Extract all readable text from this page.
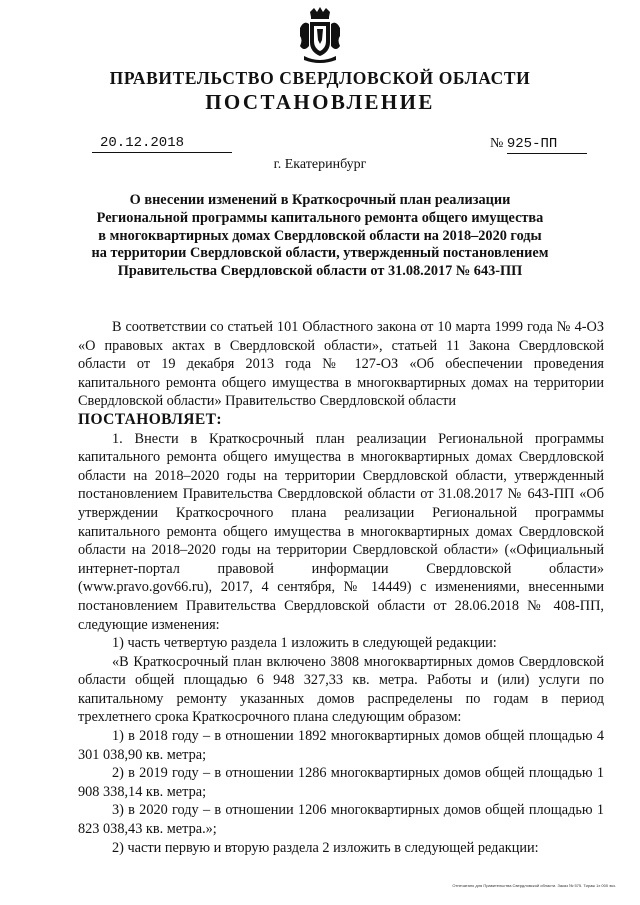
ПРАВИТЕЛЬСТВО СВЕРДЛОВСКОЙ ОБЛАСТИ
ПОСТАНОВЛЕНИЕ
20.12.2018	№ 925-ПП
г. Екатеринбург
О внесении изменений в Краткосрочный план реализации
Региональной программы капитального ремонта общего имущества
в многоквартирных домах Свердловской области на 2018–2020 годы
на территории Свердловской области, утвержденный постановлением
Правительства Свердловской области от 31.08.2017 № 643-ПП

В соответствии со статьей 101 Областного закона от 10 марта 1999 года № 4-ОЗ «О правовых актах в Свердловской области», статьей 11 Закона Свердловской области от 19 декабря 2013 года № 127-ОЗ «Об обеспечении проведения капитального ремонта общего имущества в многоквартирных домах на территории Свердловской области» Правительство Свердловской области

ПОСТАНОВЛЯЕТ:

1. Внести в Краткосрочный план реализации Региональной программы капитального ремонта общего имущества в многоквартирных домах Свердловской области на 2018–2020 годы на территории Свердловской области, утвержденный постановлением Правительства Свердловской области от 31.08.2017 № 643-ПП «Об утверждении Краткосрочного плана реализации Региональной программы капитального ремонта общего имущества в многоквартирных домах Свердловской области на 2018–2020 годы на территории Свердловской области» («Официальный интернет-портал правовой информации Свердловской области» (www.pravo.gov66.ru), 2017, 4 сентября, № 14449) с изменениями, внесенными постановлением Правительства Свердловской области от 28.06.2018 № 408-ПП, следующие изменения:

1) часть четвертую раздела 1 изложить в следующей редакции:

«В Краткосрочный план включено 3808 многоквартирных домов Свердловской области общей площадью 6 948 327,33 кв. метра. Работы и (или) услуги по капитальному ремонту указанных домов распределены по годам в период трехлетнего срока Краткосрочного плана следующим образом:

1) в 2018 году – в отношении 1892 многоквартирных домов общей площадью 4 301 038,90 кв. метра;

2) в 2019 году – в отношении 1286 многоквартирных домов общей площадью 1 908 338,14 кв. метра;

3) в 2020 году – в отношении 1206 многоквартирных домов общей площадью 1 823 038,43 кв. метра.»;

2) части первую и вторую раздела 2 изложить в следующей редакции:

Отпечатано для Правительства Свердловской области. Заказ № 575. Тираж 1х 000 экз.
